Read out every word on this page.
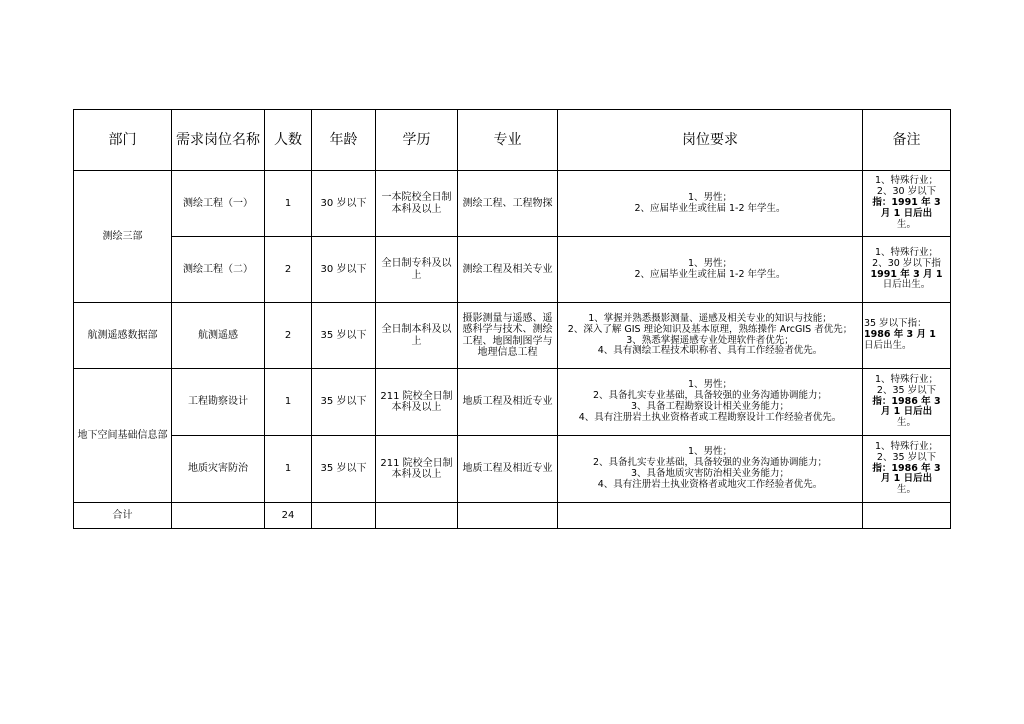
部门	需求岗位名称	人数	年龄	学历	专业	岗位要求	备注
测绘三部	测绘工程（一）	1	30 岁以下	一本院校全日制本科及以上	测绘工程、工程物探	1、男性；
2、应届毕业生或往届 1-2 年学生。	1、特殊行业；
2、30 岁以下
指：1991 年 3
月 1 日后出
生。

	测绘工程（二）	2	30 岁以下	全日制专科及以上	测绘工程及相关专业	1、男性；
2、应届毕业生或往届 1-2 年学生。	1、特殊行业；
2、30 岁以下指
1991 年 3 月 1
日后出生。

航测遥感数据部	航测遥感	2	35 岁以下	全日制本科及以上	摄影测量与遥感、遥感科学与技术、测绘工程、地图制图学与地理信息工程	1、掌握并熟悉摄影测量、遥感及相关专业的知识与技能；
2、深入了解 GIS 理论知识及基本原理，熟练操作 ArcGIS 者优先；
3、熟悉掌握遥感专业处理软件者优先；
4、具有测绘工程技术职称者、具有工作经验者优先。	35 岁以下指：
1986 年 3 月 1
日后出生。

地下空间基础信息部	工程勘察设计	1	35 岁以下	211 院校全日制本科及以上	地质工程及相近专业	1、男性；
2、具备扎实专业基础，具备较强的业务沟通协调能力；
3、具备工程勘察设计相关业务能力；
4、具有注册岩土执业资格者或工程勘察设计工作经验者优先。	1、特殊行业；
2、35 岁以下
指：1986 年 3
月 1 日后出
生。

	地质灾害防治	1	35 岁以下	211 院校全日制本科及以上	地质工程及相近专业	1、男性；
2、具备扎实专业基础，具备较强的业务沟通协调能力；
3、具备地质灾害防治相关业务能力；
4、具有注册岩土执业资格者或地灾工作经验者优先。	1、特殊行业；
2、35 岁以下
指：1986 年 3
月 1 日后出
生。

合计		24					
